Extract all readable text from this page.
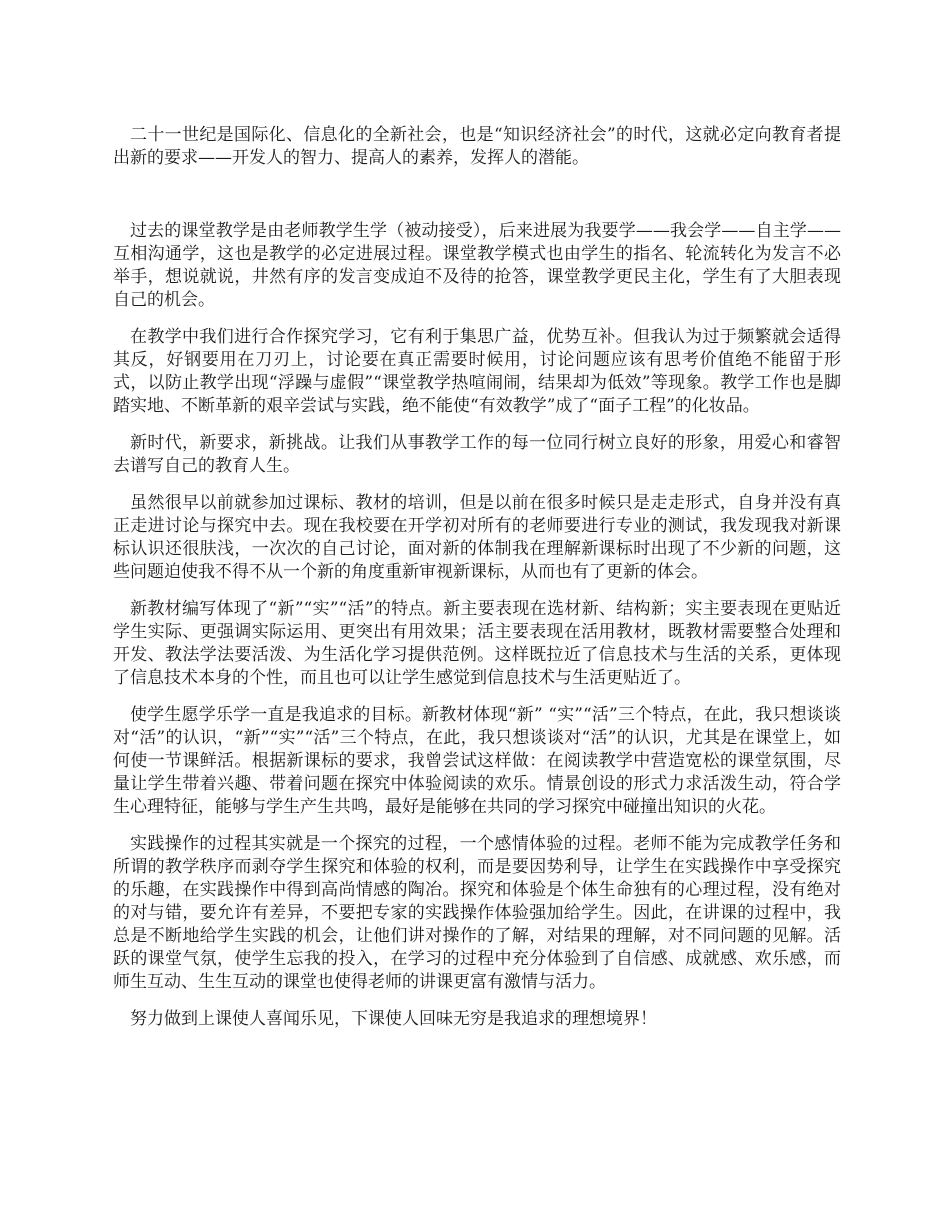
二十一世纪是国际化、信息化的全新社会，也是“知识经济社会”的时代，这就必定向教育者提出新的要求——开发人的智力、提高人的素养，发挥人的潜能。

过去的课堂教学是由老师教学生学（被动接受），后来进展为我要学——我会学——自主学——互相沟通学，这也是教学的必定进展过程。课堂教学模式也由学生的指名、轮流转化为发言不必举手，想说就说，井然有序的发言变成迫不及待的抢答，课堂教学更民主化，学生有了大胆表现自己的机会。

在教学中我们进行合作探究学习，它有利于集思广益，优势互补。但我认为过于频繁就会适得其反，好钢要用在刀刃上，讨论要在真正需要时候用，讨论问题应该有思考价值绝不能留于形式，以防止教学出现“浮躁与虚假”“课堂教学热喧闹闹，结果却为低效”等现象。教学工作也是脚踏实地、不断革新的艰辛尝试与实践，绝不能使“有效教学”成了“面子工程”的化妆品。

新时代，新要求，新挑战。让我们从事教学工作的每一位同行树立良好的形象，用爱心和睿智去谱写自己的教育人生。

虽然很早以前就参加过课标、教材的培训，但是以前在很多时候只是走走形式，自身并没有真正走进讨论与探究中去。现在我校要在开学初对所有的老师要进行专业的测试，我发现我对新课标认识还很肤浅，一次次的自己讨论，面对新的体制我在理解新课标时出现了不少新的问题，这些问题迫使我不得不从一个新的角度重新审视新课标，从而也有了更新的体会。

新教材编写体现了“新”“实”“活”的特点。新主要表现在选材新、结构新；实主要表现在更贴近学生实际、更强调实际运用、更突出有用效果；活主要表现在活用教材，既教材需要整合处理和开发、教法学法要活泼、为生活化学习提供范例。这样既拉近了信息技术与生活的关系，更体现了信息技术本身的个性，而且也可以让学生感觉到信息技术与生活更贴近了。

使学生愿学乐学一直是我追求的目标。新教材体现“新” “实”“活”三个特点，在此，我只想谈谈对“活”的认识，“新”“实”“活”三个特点，在此，我只想谈谈对“活”的认识，尤其是在课堂上，如何使一节课鲜活。根据新课标的要求，我曾尝试这样做：在阅读教学中营造宽松的课堂氛围，尽量让学生带着兴趣、带着问题在探究中体验阅读的欢乐。情景创设的形式力求活泼生动，符合学生心理特征，能够与学生产生共鸣，最好是能够在共同的学习探究中碰撞出知识的火花。

实践操作的过程其实就是一个探究的过程，一个感情体验的过程。老师不能为完成教学任务和所谓的教学秩序而剥夺学生探究和体验的权利，而是要因势利导，让学生在实践操作中享受探究的乐趣，在实践操作中得到高尚情感的陶冶。探究和体验是个体生命独有的心理过程，没有绝对的对与错，要允许有差异，不要把专家的实践操作体验强加给学生。因此，在讲课的过程中，我总是不断地给学生实践的机会，让他们讲对操作的了解，对结果的理解，对不同问题的见解。活跃的课堂气氛，使学生忘我的投入，在学习的过程中充分体验到了自信感、成就感、欢乐感，而师生互动、生生互动的课堂也使得老师的讲课更富有激情与活力。

努力做到上课使人喜闻乐见，下课使人回味无穷是我追求的理想境界！
